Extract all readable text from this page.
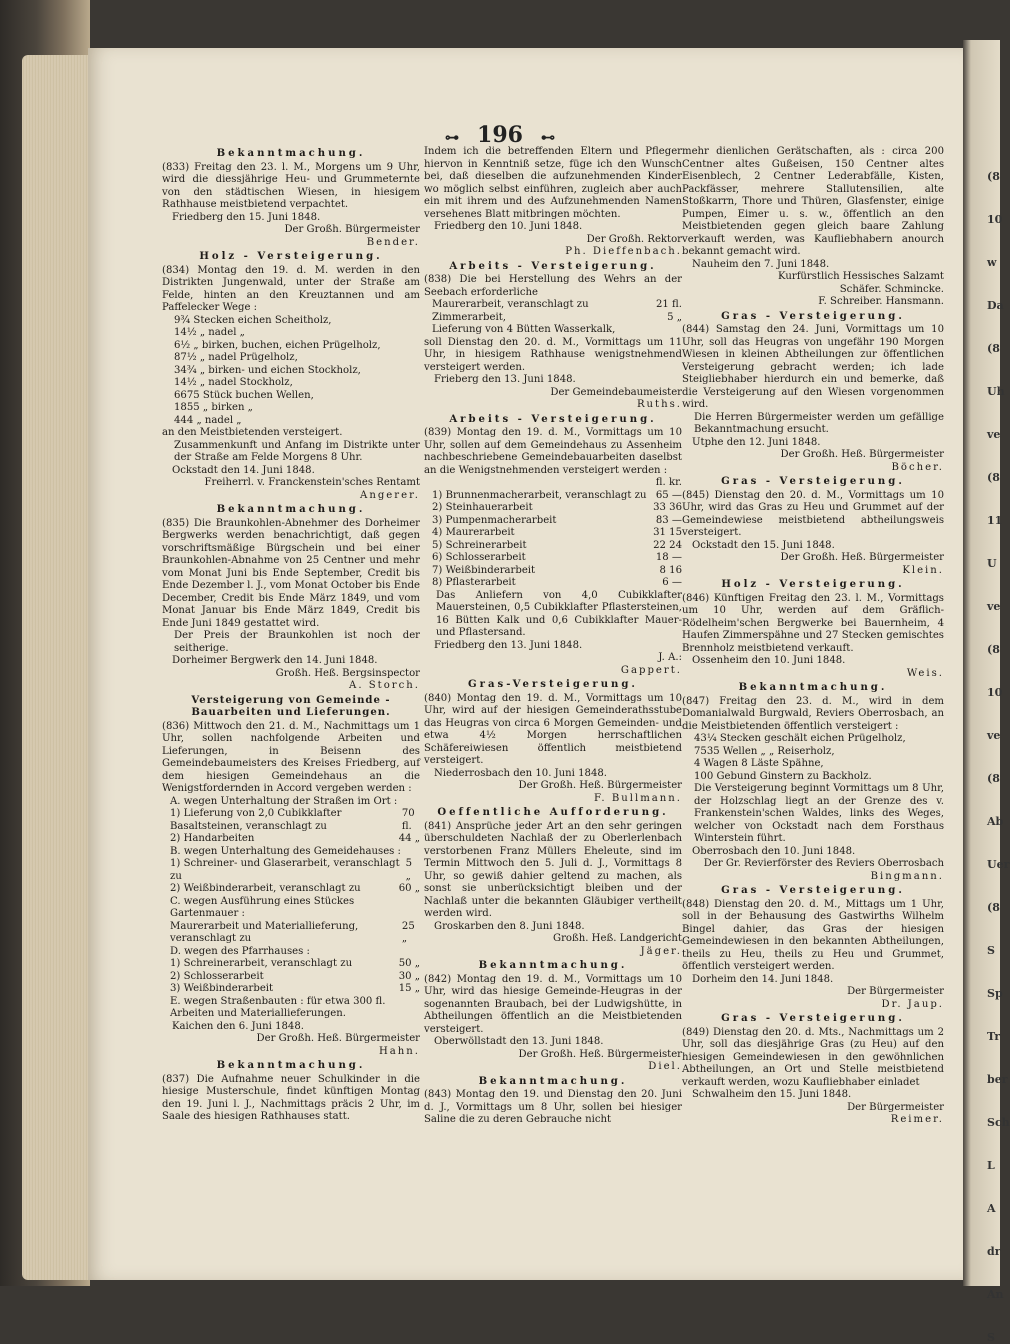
(8
10
w
Da
(8
Uh
ve
(8
11
U
ve
(8
10
ve
(8
Ab
Uer
(8
S
Sp
Tr
ber
Sch
L
A
dr
An
S
⊶ 196 ⊷
Bekanntmachung.

(833) Freitag den 23. l. M., Morgens um 9 Uhr, wird die diessjährige Heu- und Grummeternte von den städtischen Wiesen, in hiesigem Rathhause meistbietend verpachtet.

Friedberg den 15. Juni 1848.

Der Großh. Bürgermeister

Bender.

Holz - Versteigerung.

(834) Montag den 19. d. M. werden in den Distrikten Jungenwald, unter der Straße am Felde, hinten an den Kreuztannen und am Paffelecker Wege :

9¾ Stecken eichen Scheitholz,
14½ „ nadel „
6½ „ birken, buchen, eichen Prügelholz,
87½ „ nadel Prügelholz,
34¾ „ birken- und eichen Stockholz,
14½ „ nadel Stockholz,
6675 Stück buchen Wellen,
1855 „ birken „
444 „ nadel „

an den Meistbietenden versteigert.

Zusammenkunft und Anfang im Distrikte unter der Straße am Felde Morgens 8 Uhr.

Ockstadt den 14. Juni 1848.

Freiherrl. v. Franckenstein'sches Rentamt

Angerer.

Bekanntmachung.

(835) Die Braunkohlen-Abnehmer des Dorheimer Bergwerks werden benachrichtigt, daß gegen vorschriftsmäßige Bürgschein und bei einer Braunkohlen-Abnahme von 25 Centner und mehr vom Monat Juni bis Ende September, Credit bis Ende Dezember l. J., vom Monat October bis Ende December, Credit bis Ende März 1849, und vom Monat Januar bis Ende März 1849, Credit bis Ende Juni 1849 gestattet wird.

Der Preis der Braunkohlen ist noch der seitherige.

Dorheimer Bergwerk den 14. Juni 1848.

Großh. Heß. Bergsinspector

A. Storch.

Versteigerung von Gemeinde - Bauarbeiten und Lieferungen.

(836) Mittwoch den 21. d. M., Nachmittags um 1 Uhr, sollen nachfolgende Arbeiten und Lieferungen, in Beisenn des Gemeindebaumeisters des Kreises Friedberg, auf dem hiesigen Gemeindehaus an die Wenigstfordernden in Accord vergeben werden :

A. wegen Unterhaltung der Straßen im Ort :
1) Lieferung von 2,0 Cubikklafter Basaltsteinen, veranschlagt zu
70 fl.
2) Handarbeiten	44 „
B. wegen Unterhaltung des Gemeidehauses :
1) Schreiner- und Glaserarbeit, veranschlagt zu
5 „
2) Weißbinderarbeit, veranschlagt zu	60 „
C. wegen Ausführung eines Stückes Gartenmauer :
Maurerarbeit und Materiallieferung, veranschlagt zu
25 „
D. wegen des Pfarrhauses :
1) Schreinerarbeit, veranschlagt zu	50 „
2) Schlosserarbeit	30 „
3) Weißbinderarbeit	15 „
E. wegen Straßenbauten : für etwa 300 fl. Arbeiten und Materiallieferungen.

Kaichen den 6. Juni 1848.

Der Großh. Heß. Bürgermeister

Hahn.

Bekanntmachung.

(837) Die Aufnahme neuer Schulkinder in die hiesige Musterschule, findet künftigen Montag den 19. Juni l. J., Nachmittags präcis 2 Uhr, im Saale des hiesigen Rathhauses statt.

Indem ich die betreffenden Eltern und Pfleger hiervon in Kenntniß setze, füge ich den Wunsch bei, daß dieselben die aufzunehmenden Kinder wo möglich selbst einführen, zugleich aber auch ein mit ihrem und des Aufzunehmenden Namen versehenes Blatt mitbringen möchten.

Friedberg den 10. Juni 1848.

Der Großh. Rektor

Ph. Dieffenbach.

Arbeits - Versteigerung.

(838) Die bei Herstellung des Wehrs an der Seebach erforderliche

Maurerarbeit, veranschlagt zu	21 fl.
Zimmerarbeit,	5 „
Lieferung von 4 Bütten Wasserkalk,

soll Dienstag den 20. d. M., Vormittags um 11 Uhr, in hiesigem Rathhause wenigstnehmend versteigert werden.

Frieberg den 13. Juni 1848.

Der Gemeindebaumeister

Ruths.

Arbeits - Versteigerung.

(839) Montag den 19. d. M., Vormittags um 10 Uhr, sollen auf dem Gemeindehaus zu Assenheim nachbeschriebene Gemeindebauarbeiten daselbst an die Wenigstnehmenden versteigert werden :

fl. kr.

1) Brunnenmacherarbeit, veranschlagt zu 65 —
2) Steinhauerarbeit	33 36
3) Pumpenmacherarbeit	83 —
4) Maurerarbeit	31 15
5) Schreinerarbeit	22 24
6) Schlosserarbeit	18 —
7) Weißbinderarbeit	8 16
8) Pflasterarbeit	6 —

Das Anliefern von 4,0 Cubikklafter Mauersteinen, 0,5 Cubikklafter Pflastersteinen, 16 Bütten Kalk und 0,6 Cubikklafter Mauer- und Pflastersand.

Friedberg den 13. Juni 1848.

J. A.:

Gappert.

Gras-Versteigerung.

(840) Montag den 19. d. M., Vormittags um 10 Uhr, wird auf der hiesigen Gemeinderathsstube das Heugras von circa 6 Morgen Gemeinden- und etwa 4½ Morgen herrschaftlichen Schäfereiwiesen öffentlich meistbietend versteigert.

Niederrosbach den 10. Juni 1848.

Der Großh. Heß. Bürgermeister

F. Bullmann.

Oeffentliche Aufforderung.

(841) Ansprüche jeder Art an den sehr geringen überschuldeten Nachlaß der zu Oberlerlenbach verstorbenen Franz Müllers Eheleute, sind im Termin Mittwoch den 5. Juli d. J., Vormittags 8 Uhr, so gewiß dahier geltend zu machen, als sonst sie unberücksichtigt bleiben und der Nachlaß unter die bekannten Gläubiger vertheilt werden wird.

Groskarben den 8. Juni 1848.

Großh. Heß. Landgericht

Jäger.

Bekanntmachung.

(842) Montag den 19. d. M., Vormittags um 10 Uhr, wird das hiesige Gemeinde-Heugras in der sogenannten Braubach, bei der Ludwigshütte, in Abtheilungen öffentlich an die Meistbietenden versteigert.

Oberwöllstadt den 13. Juni 1848.

Der Großh. Heß. Bürgermeister

Diel.

Bekanntmachung.

(843) Montag den 19. und Dienstag den 20. Juni d. J., Vormittags um 8 Uhr, sollen bei hiesiger Saline die zu deren Gebrauche nicht

mehr dienlichen Gerätschaften, als : circa 200 Centner altes Gußeisen, 150 Centner altes Eisenblech, 2 Centner Lederabfälle, Kisten, Packfässer, mehrere Stallutensilien, alte Stoßkarrn, Thore und Thüren, Glasfenster, einige Pumpen, Eimer u. s. w., öffentlich an den Meistbietenden gegen gleich baare Zahlung verkauft werden, was Kaufliebhabern anourch bekannt gemacht wird.

Nauheim den 7. Juni 1848.

Kurfürstlich Hessisches Salzamt

Schäfer. Schmincke.

F. Schreiber. Hansmann.

Gras - Versteigerung.

(844) Samstag den 24. Juni, Vormittags um 10 Uhr, soll das Heugras von ungefähr 190 Morgen Wiesen in kleinen Abtheilungen zur öffentlichen Versteigerung gebracht werden; ich lade Steigliebhaber hierdurch ein und bemerke, daß die Versteigerung auf den Wiesen vorgenommen wird.

Die Herren Bürgermeister werden um gefällige Bekanntmachung ersucht.

Utphe den 12. Juni 1848.

Der Großh. Heß. Bürgermeister

Böcher.

Gras - Versteigerung.

(845) Dienstag den 20. d. M., Vormittags um 10 Uhr, wird das Gras zu Heu und Grummet auf der Gemeindewiese meistbietend abtheilungsweis versteigert.

Ockstadt den 15. Juni 1848.

Der Großh. Heß. Bürgermeister

Klein.

Holz - Versteigerung.

(846) Künftigen Freitag den 23. l. M., Vormittags um 10 Uhr, werden auf dem Gräflich-Rödelheim'schen Bergwerke bei Bauernheim, 4 Haufen Zimmerspähne und 27 Stecken gemischtes Brennholz meistbietend verkauft.

Ossenheim den 10. Juni 1848.

Weis.

Bekanntmachung.

(847) Freitag den 23. d. M., wird in dem Domanialwald Burgwald, Reviers Oberrosbach, an die Meistbietenden öffentlich versteigert :

43¼ Stecken geschält eichen Prügelholz,
7535 Wellen „ „ Reiserholz,
4 Wagen 8 Läste Spähne,
100 Gebund Ginstern zu Backholz.

Die Versteigerung beginnt Vormittags um 8 Uhr, der Holzschlag liegt an der Grenze des v. Frankenstein'schen Waldes, links des Weges, welcher von Ockstadt nach dem Forsthaus Winterstein führt.

Oberrosbach den 10. Juni 1848.

Der Gr. Revierförster des Reviers Oberrosbach

Bingmann.

Gras - Versteigerung.

(848) Dienstag den 20. d. M., Mittags um 1 Uhr, soll in der Behausung des Gastwirths Wilhelm Bingel dahier, das Gras der hiesigen Gemeindewiesen in den bekannten Abtheilungen, theils zu Heu, theils zu Heu und Grummet, öffentlich versteigert werden.

Dorheim den 14. Juni 1848.

Der Bürgermeister

Dr. Jaup.

Gras - Versteigerung.

(849) Dienstag den 20. d. Mts., Nachmittags um 2 Uhr, soll das diesjährige Gras (zu Heu) auf den hiesigen Gemeindewiesen in den gewöhnlichen Abtheilungen, an Ort und Stelle meistbietend verkauft werden, wozu Kaufliebhaber einladet

Schwalheim den 15. Juni 1848.

Der Bürgermeister

Reimer.
